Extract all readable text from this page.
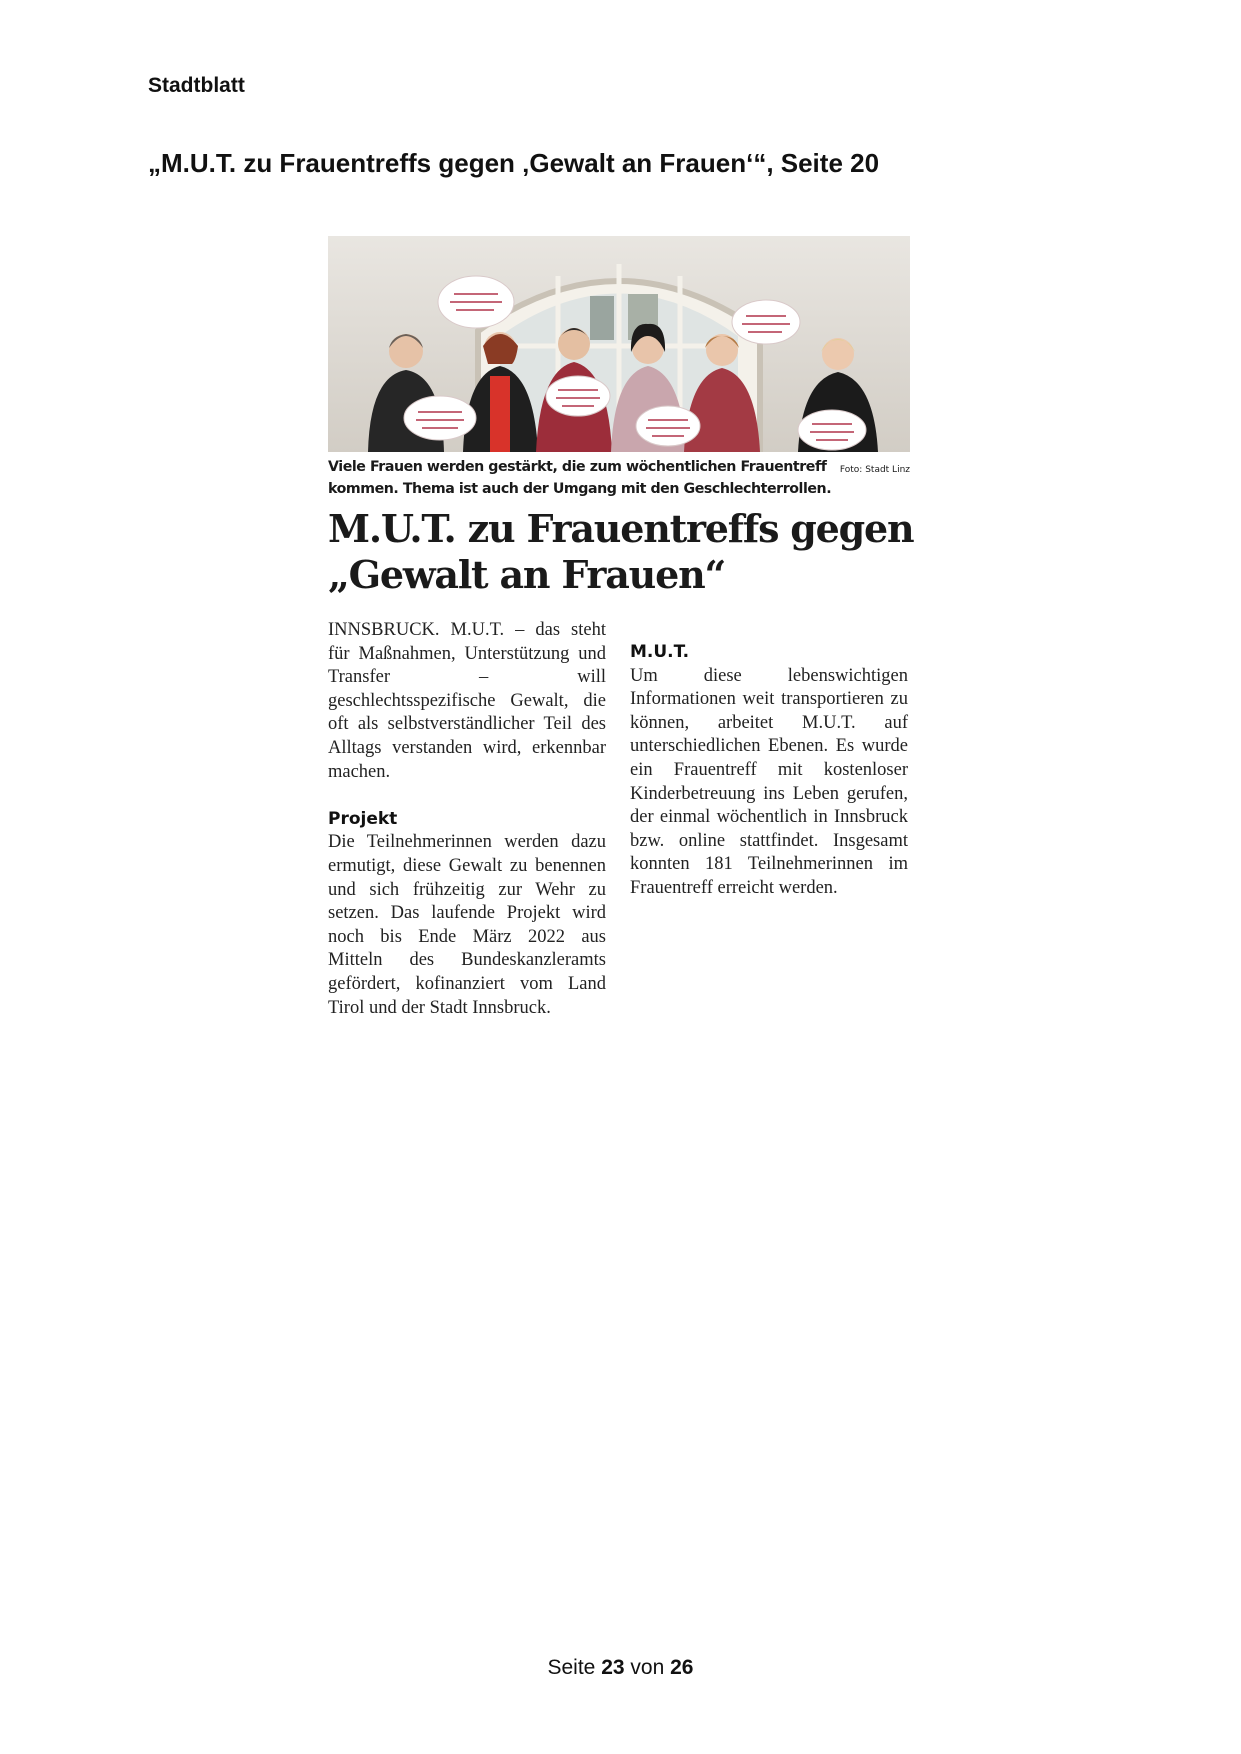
Stadtblatt
„M.U.T. zu Frauentreffs gegen ‚Gewalt an Frauen‘“, Seite 20
Foto: Stadt Linz
Viele Frauen werden gestärkt, die zum wöchentlichen Frauentreff kommen. Thema ist auch der Umgang mit den Geschlechterrollen.
M.U.T. zu Frauentreffs gegen „Gewalt an Frauen“

INNSBRUCK. M.U.T. – das steht für Maßnahmen, Unterstützung und Transfer – will geschlechtsspezifische Gewalt, die oft als selbstverständlicher Teil des Alltags verstanden wird, erkennbar machen.

Projekt

Die Teilnehmerinnen werden dazu ermutigt, diese Gewalt zu benennen und sich frühzeitig zur Wehr zu setzen. Das laufende Projekt wird noch bis Ende März 2022 aus Mitteln des Bundeskanzleramts gefördert, kofinanziert vom Land Tirol und der Stadt Innsbruck.

M.U.T.

Um diese lebenswichtigen Informationen weit transportieren zu können, arbeitet M.U.T. auf unterschiedlichen Ebenen. Es wurde ein Frauentreff mit kostenloser Kinderbetreuung ins Leben gerufen, der einmal wöchentlich in Innsbruck bzw. online stattfindet. Insgesamt konnten 181 Teilnehmerinnen im Frauentreff erreicht werden.

Seite 23 von 26
